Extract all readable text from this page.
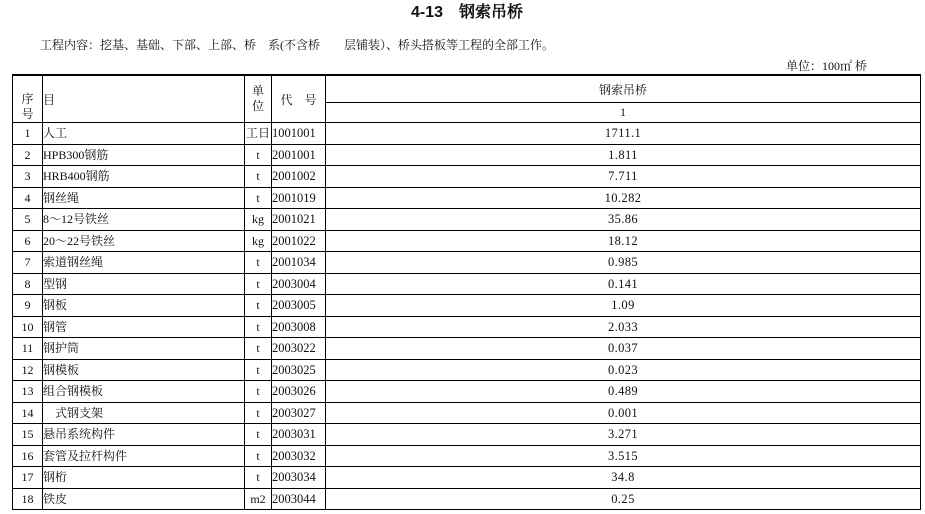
4-13　钢索吊桥
工程内容：挖基、基础、下部、上部、桥　系(不含桥　　层铺装）、桥头搭板等工程的全部工作。
单位：100㎡ 桥
序号	目	单位	代　号	钢索吊桥
				1
1	人工	工日	1001001	1711.1
2	HPB300钢筋	t	2001001	1.811
3	HRB400钢筋	t	2001002	7.711
4	钢丝绳	t	2001019	10.282
5	8～12号铁丝	kg	2001021	35.86
6	20～22号铁丝	kg	2001022	18.12
7	索道钢丝绳	t	2001034	0.985
8	型钢	t	2003004	0.141
9	钢板	t	2003005	1.09
10	钢管	t	2003008	2.033
11	钢护筒	t	2003022	0.037
12	钢模板	t	2003025	0.023
13	组合钢模板	t	2003026	0.489
14	　式钢支架	t	2003027	0.001
15	悬吊系统构件	t	2003031	3.271
16	套管及拉杆构件	t	2003032	3.515
17	钢桁	t	2003034	34.8
18	铁皮	m2	2003044	0.25
